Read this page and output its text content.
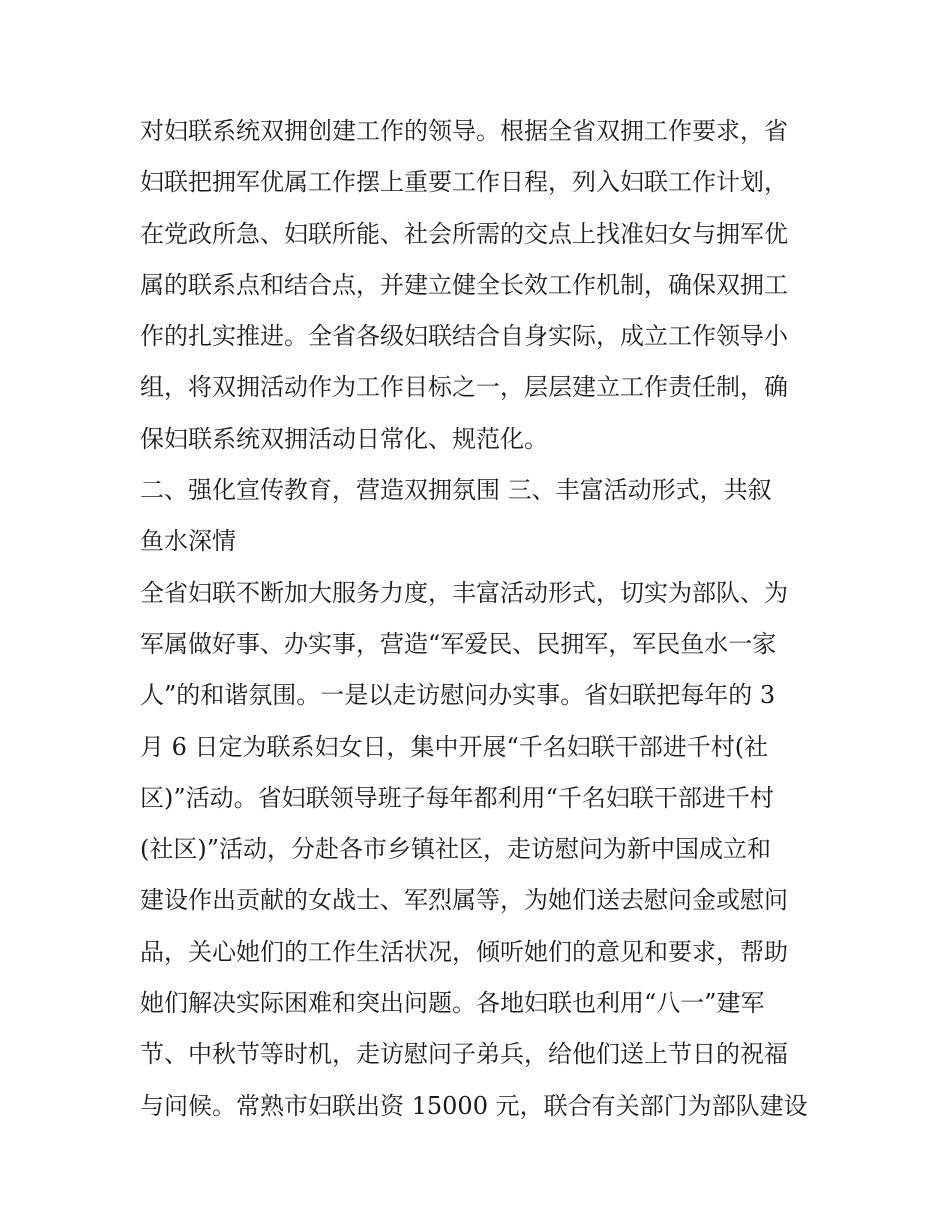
对妇联系统双拥创建工作的领导。根据全省双拥工作要求，省
妇联把拥军优属工作摆上重要工作日程，列入妇联工作计划，
在党政所急、妇联所能、社会所需的交点上找准妇女与拥军优
属的联系点和结合点，并建立健全长效工作机制，确保双拥工
作的扎实推进。全省各级妇联结合自身实际，成立工作领导小
组，将双拥活动作为工作目标之一，层层建立工作责任制，确
保妇联系统双拥活动日常化、规范化。
二、强化宣传教育，营造双拥氛围 三、丰富活动形式，共叙
鱼水深情
全省妇联不断加大服务力度，丰富活动形式，切实为部队、为
军属做好事、办实事，营造“军爱民、民拥军，军民鱼水一家
人”的和谐氛围。一是以走访慰问办实事。省妇联把每年的 3
月 6 日定为联系妇女日，集中开展“千名妇联干部进千村(社
区)”活动。省妇联领导班子每年都利用“千名妇联干部进千村
(社区)”活动，分赴各市乡镇社区，走访慰问为新中国成立和
建设作出贡献的女战士、军烈属等，为她们送去慰问金或慰问
品，关心她们的工作生活状况，倾听她们的意见和要求，帮助
她们解决实际困难和突出问题。各地妇联也利用“八一”建军
节、中秋节等时机，走访慰问子弟兵，给他们送上节日的祝福
与问候。常熟市妇联出资 15000 元，联合有关部门为部队建设
